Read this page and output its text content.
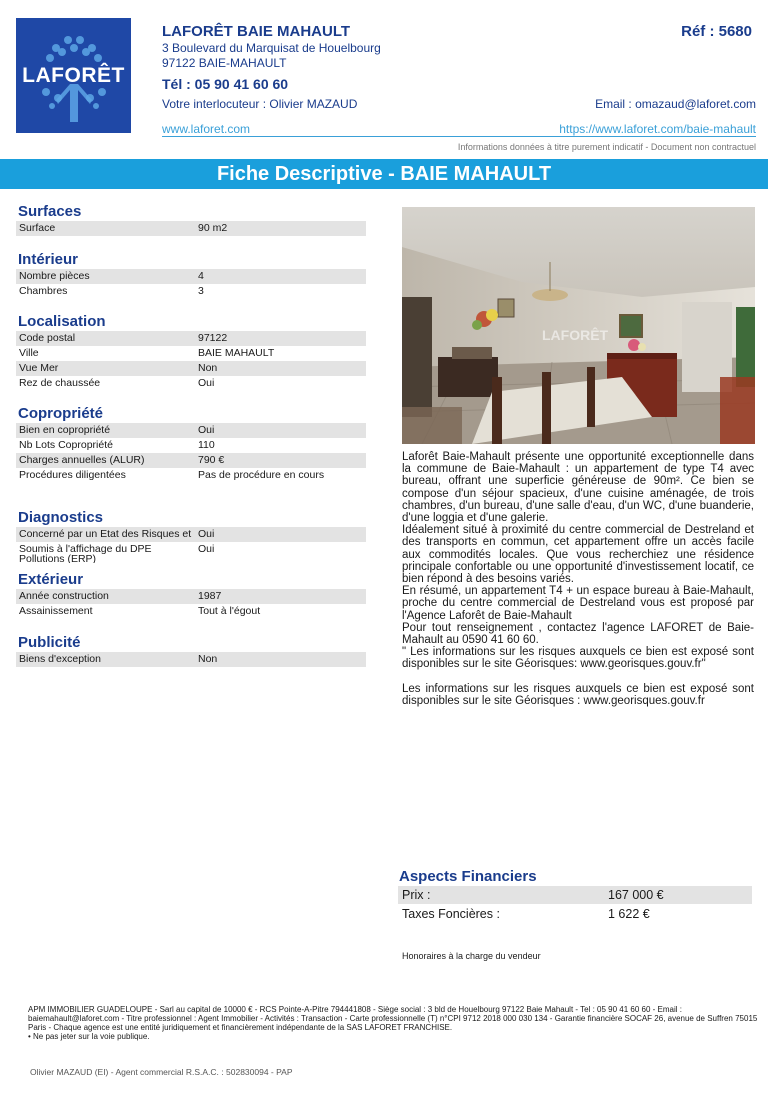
LAFORÊT
LAFORÊT BAIE MAHAULT	Réf : 5680
3 Boulevard du Marquisat de Houelbourg
97122 BAIE-MAHAULT
Tél : 05 90 41 60 60
Votre interlocuteur : Olivier MAZAUD	Email : omazaud@laforet.com
www.laforet.com	https://www.laforet.com/baie-mahault
Informations données à titre purement indicatif - Document non contractuel
Fiche Descriptive - BAIE MAHAULT
Surfaces
Surface	90 m2
Intérieur
Nombre pièces	4
Chambres	3
Localisation
Code postal	97122
Ville	BAIE MAHAULT
Vue Mer	Non
Rez de chaussée	Oui
Copropriété
Bien en copropriété	Oui
Nb Lots Copropriété	110
Charges annuelles (ALUR)	790 €
Procédures diligentées	Pas de procédure en cours
Diagnostics
Concerné par un Etat des Risques et Oui
Soumis à l'affichage du DPE	Oui
Pollutions (ERP)
Extérieur
Année construction	1987
Assainissement	Tout à l'égout
Publicité
Biens d'exception	Non
LAFORÊT

Laforêt Baie-Mahault présente une opportunité exceptionnelle dans la commune de Baie-Mahault : un appartement de type T4 avec bureau, offrant une superficie généreuse de 90m². Ce bien se compose d'un séjour spacieux, d'une cuisine aménagée, de trois chambres, d'un bureau, d'une salle d'eau, d'un WC, d'une buanderie, d'une loggia et d'une galerie.

Idéalement situé à proximité du centre commercial de Destreland et des transports en commun, cet appartement offre un accès facile aux commodités locales. Que vous recherchiez une résidence principale confortable ou une opportunité d'investissement locatif, ce bien répond à des besoins variés.

En résumé, un appartement T4 + un espace bureau à Baie-Mahault, proche du centre commercial de Destreland vous est proposé par l'Agence Laforêt de Baie-Mahault

Pour tout renseignement , contactez l'agence LAFORET de Baie-Mahault au 0590 41 60 60.

" Les informations sur les risques auxquels ce bien est exposé sont disponibles sur le site Géorisques: www.georisques.gouv.fr"

Les informations sur les risques auxquels ce bien est exposé sont disponibles sur le site Géorisques : www.georisques.gouv.fr

Aspects Financiers
Prix :	167 000 €
Taxes Foncières :	1 622 €
Honoraires à la charge du vendeur
APM IMMOBILIER GUADELOUPE - Sarl au capital de 10000 € - RCS Pointe-A-Pitre 794441808 - Siège social : 3 bld de Houelbourg 97122 Baie Mahault - Tel : 05 90 41 60 60 - Email : baiemahault@laforet.com - Titre professionnel : Agent Immobilier - Activités : Transaction - Carte professionnelle (T) n°CPI 9712 2018 000 030 134 - Garantie financière SOCAF 26, avenue de Suffren 75015 Paris - Chaque agence est une entité juridiquement et financièrement indépendante de la SAS LAFORET FRANCHISE.
• Ne pas jeter sur la voie publique.
Olivier MAZAUD (EI) - Agent commercial R.S.A.C. : 502830094 - PAP
